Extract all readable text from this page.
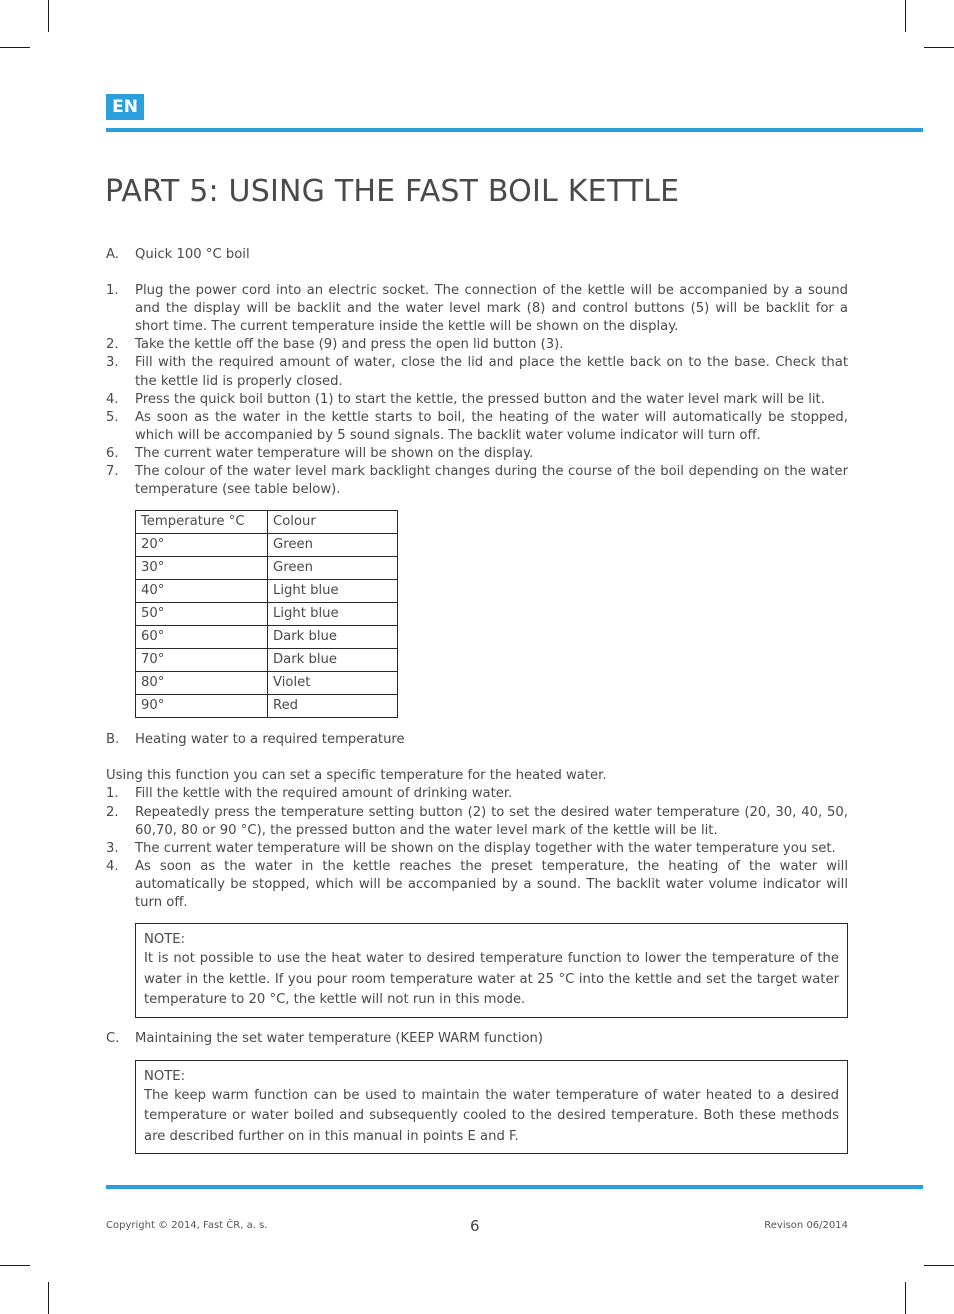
EN
PART 5: USING THE FAST BOIL KETTLE
A.	Quick 100 °C boil
1.	Plug the power cord into an electric socket. The connection of the kettle will be accompanied by a sound and the display will be backlit and the water level mark (8) and control buttons (5) will be backlit for a short time. The current temperature inside the kettle will be shown on the display.
2.	Take the kettle off the base (9) and press the open lid button (3).
3.	Fill with the required amount of water, close the lid and place the kettle back on to the base. Check that the kettle lid is properly closed.
4.	Press the quick boil button (1) to start the kettle, the pressed button and the water level mark will be lit.
5.	As soon as the water in the kettle starts to boil, the heating of the water will automatically be stopped, which will be accompanied by 5 sound signals. The backlit water volume indicator will turn off.
6.	The current water temperature will be shown on the display.
7.	The colour of the water level mark backlight changes during the course of the boil depending on the water temperature (see table below).
Temperature °C	Colour
20°	Green
30°	Green
40°	Light blue
50°	Light blue
60°	Dark blue
70°	Dark blue
80°	Violet
90°	Red
B.	Heating water to a required temperature
Using this function you can set a specific temperature for the heated water.
1.	Fill the kettle with the required amount of drinking water.
2.	Repeatedly press the temperature setting button (2) to set the desired water temperature (20, 30, 40, 50, 60,70, 80 or 90 °C), the pressed button and the water level mark of the kettle will be lit.
3.	The current water temperature will be shown on the display together with the water temperature you set.
4.	As soon as the water in the kettle reaches the preset temperature, the heating of the water will automatically be stopped, which will be accompanied by a sound. The backlit water volume indicator will turn off.
NOTE:
It is not possible to use the heat water to desired temperature function to lower the temperature of the water in the kettle. If you pour room temperature water at 25 °C into the kettle and set the target water temperature to 20 °C, the kettle will not run in this mode.
C.	Maintaining the set water temperature (KEEP WARM function)
NOTE:
The keep warm function can be used to maintain the water temperature of water heated to a desired temperature or water boiled and subsequently cooled to the desired temperature. Both these methods are described further on in this manual in points E and F.
Copyright © 2014, Fast ČR, a. s.	6	Revison 06/2014
